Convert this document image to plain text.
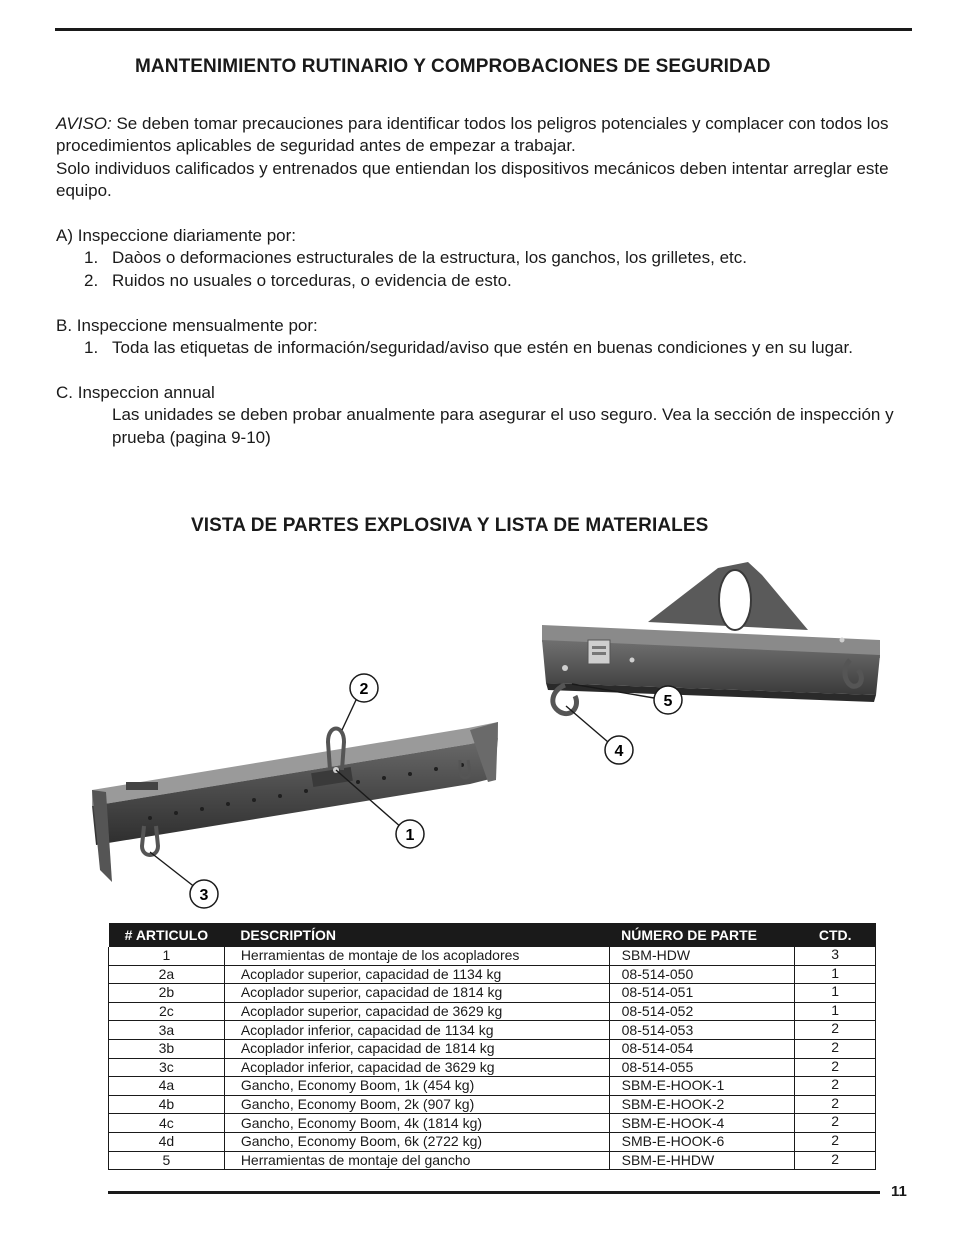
MANTENIMIENTO RUTINARIO Y COMPROBACIONES DE SEGURIDAD

AVISO: Se deben tomar precauciones para identificar todos los peligros potenciales y complacer con todos los procedimientos aplicables de seguridad antes de empezar a trabajar.

Solo individuos calificados y entrenados que entiendan los dispositivos mecánicos deben intentar arreglar este equipo.

A) Inspeccione diariamente por:

1. Daòos o deformaciones estructurales de la estructura, los ganchos, los grilletes, etc.

2. Ruidos no usuales o torceduras, o evidencia de esto.

B. Inspeccione mensualmente por:

1. Toda las etiquetas de información/seguridad/aviso que estén en buenas condiciones y en su lugar.

C. Inspeccion annual

Las unidades se deben probar anualmente para asegurar el uso seguro. Vea la sección de inspección y prueba (pagina 9-10)

VISTA DE PARTES EXPLOSIVA Y LISTA DE MATERIALES
2
1
3
4
5
# ARTICULO	DESCRIPTÍON	NÚMERO DE PARTE	CTD.
1	Herramientas de montaje de los acopladores	SBM-HDW	3
2a	Acoplador superior, capacidad de 1134 kg	08-514-050	1
2b	Acoplador superior, capacidad de 1814 kg	08-514-051	1
2c	Acoplador superior, capacidad de 3629 kg	08-514-052	1
3a	Acoplador inferior, capacidad de 1134 kg	08-514-053	2
3b	Acoplador inferior, capacidad de 1814 kg	08-514-054	2
3c	Acoplador inferior, capacidad de 3629 kg	08-514-055	2
4a	Gancho, Economy Boom, 1k (454 kg)	SBM-E-HOOK-1	2
4b	Gancho, Economy Boom, 2k (907 kg)	SBM-E-HOOK-2	2
4c	Gancho, Economy Boom, 4k (1814 kg)	SBM-E-HOOK-4	2
4d	Gancho, Economy Boom, 6k (2722 kg)	SMB-E-HOOK-6	2
5	Herramientas de montaje del gancho	SBM-E-HHDW	2
11
